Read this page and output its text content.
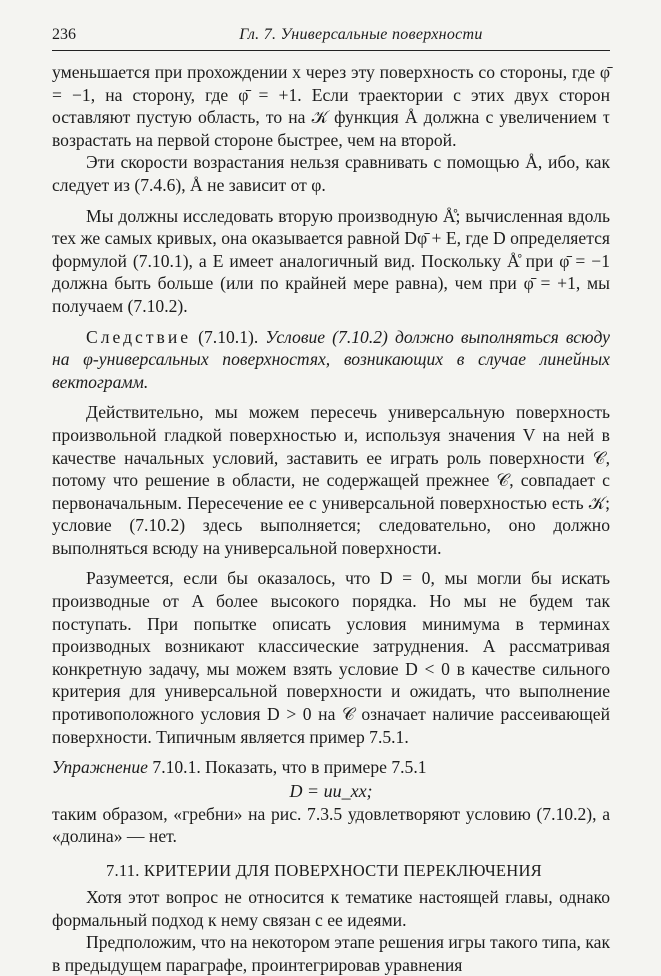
236	Гл. 7. Универсальные поверхности

уменьшается при прохождении x через эту поверхность со стороны, где φ̄ = −1, на сторону, где φ̄ = +1. Если траектории с этих двух сторон оставляют пустую область, то на 𝒦 функция Å должна с увеличением τ возрастать на первой стороне быстрее, чем на второй.

Эти скорости возрастания нельзя сравнивать с помощью Å, ибо, как следует из (7.4.6), Å не зависит от φ.

Мы должны исследовать вторую производную Å̊; вычисленная вдоль тех же самых кривых, она оказывается равной Dφ̄ + E, где D определяется формулой (7.10.1), а E имеет аналогичный вид. Поскольку Å̊ при φ̄ = −1 должна быть больше (или по крайней мере равна), чем при φ̄ = +1, мы получаем (7.10.2).

Следствие (7.10.1). Условие (7.10.2) должно выполняться всюду на φ-универсальных поверхностях, возникающих в случае линейных вектограмм.

Действительно, мы можем пересечь универсальную поверхность произвольной гладкой поверхностью и, используя значения V на ней в качестве начальных условий, заставить ее играть роль поверхности 𝒞, потому что решение в области, не содержащей прежнее 𝒞, совпадает с первоначальным. Пересечение ее с универсальной поверхностью есть 𝒦; условие (7.10.2) здесь выполняется; следовательно, оно должно выполняться всюду на универсальной поверхности.

Разумеется, если бы оказалось, что D = 0, мы могли бы искать производные от A более высокого порядка. Но мы не будем так поступать. При попытке описать условия минимума в терминах производных возникают классические затруднения. А рассматривая конкретную задачу, мы можем взять условие D < 0 в качестве сильного критерия для универсальной поверхности и ожидать, что выполнение противоположного условия D > 0 на 𝒞 означает наличие рассеивающей поверхности. Типичным является пример 7.5.1.

Упражнение 7.10.1. Показать, что в примере 7.5.1

D = uu_xx;

таким образом, «гребни» на рис. 7.3.5 удовлетворяют условию (7.10.2), а «долина» — нет.

7.11. КРИТЕРИИ ДЛЯ ПОВЕРХНОСТИ ПЕРЕКЛЮЧЕНИЯ

Хотя этот вопрос не относится к тематике настоящей главы, однако формальный подход к нему связан с ее идеями.

Предположим, что на некотором этапе решения игры такого типа, как в предыдущем параграфе, проинтегрировав уравнения
